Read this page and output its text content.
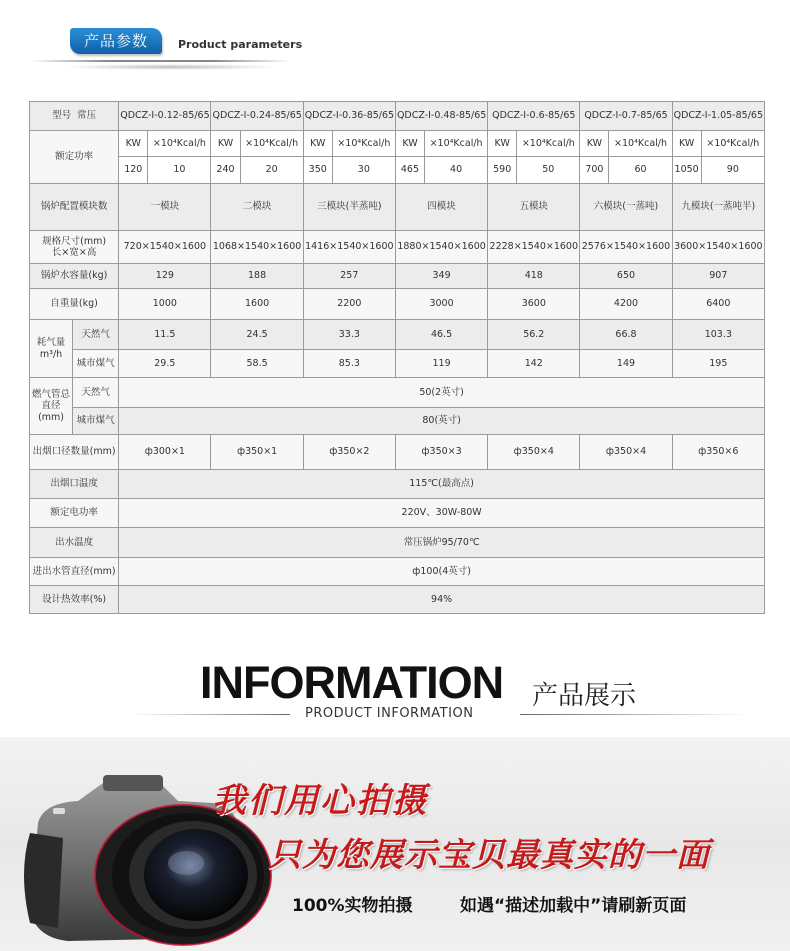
产品参数	Product parameters
型号 常压		QDCZ-Ⅰ-0.12-85/65		QDCZ-Ⅰ-0.24-85/65		QDCZ-Ⅰ-0.36-85/65		QDCZ-Ⅰ-0.48-85/65		QDCZ-Ⅰ-0.6-85/65		QDCZ-Ⅰ-0.7-85/65		QDCZ-Ⅰ-1.05-85/65	
额定功率		KW	×10⁴Kcal/h	KW	×10⁴Kcal/h	KW	×10⁴Kcal/h	KW	×10⁴Kcal/h	KW	×10⁴Kcal/h	KW	×10⁴Kcal/h	KW	×10⁴Kcal/h
		120	10	240	20	350	30	465	40	590	50	700	60	1050	90
锅炉配置模块数		一模块		二模块		三模块(半蒸吨)		四模块		五模块		六模块(一蒸吨)		九模块(一蒸吨半)	
规格尺寸(mm)
长×宽×高		720×1540×1600		1068×1540×1600		1416×1540×1600		1880×1540×1600		2228×1540×1600		2576×1540×1600		3600×1540×1600	
锅炉水容量(kg)		129		188		257		349		418		650		907	
自重量(kg)		1000		1600		2200		3000		3600		4200		6400	
耗气量
m³/h	天然气	11.5		24.5		33.3		46.5		56.2		66.8		103.3	
	城市煤气	29.5		58.5		85.3		119		142		149		195	
燃气管总
直径(mm)	天然气	50(2英寸)													
	城市煤气	80(英寸)													
出烟口径数量(mm)		ф300×1		ф350×1		ф350×2		ф350×3		ф350×4		ф350×4		ф350×6	
出烟口温度		115℃(最高点)													
额定电功率		220V、30W-80W													
出水温度		常压锅炉95/70℃													
进出水管直径(mm)		ф100(4英寸)													
设计热效率(%)		94%													
INFORMATION 产品展示
PRODUCT INFORMATION
我们用心拍摄
只为您展示宝贝最真实的一面
100%实物拍摄	如遇“描述加载中”请刷新页面
